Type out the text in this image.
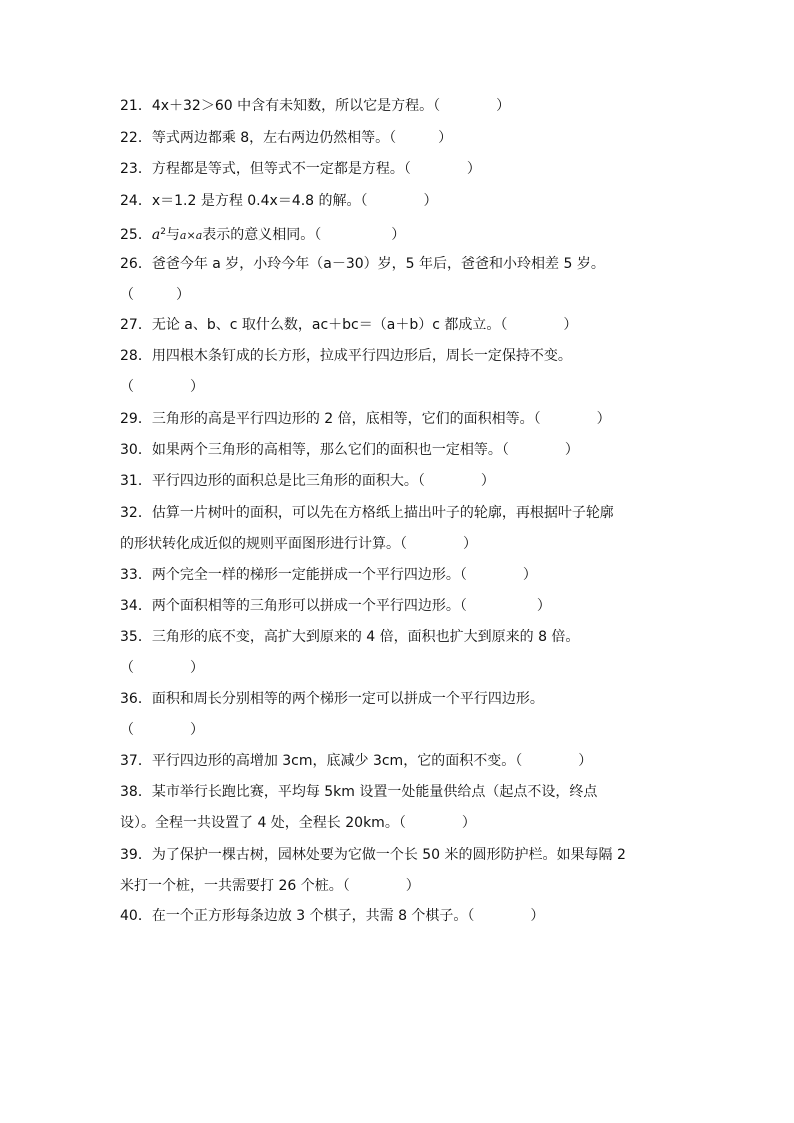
21．4x＋32＞60 中含有未知数，所以它是方程。（　　　　）
22．等式两边都乘 8，左右两边仍然相等。（　　　）
23．方程都是等式，但等式不一定都是方程。（　　　　）
24．x＝1.2 是方程 0.4x＝4.8 的解。（　　　　）
25．$a^2$与a×a表示的意义相同。（　　　　　）
26．爸爸今年 a 岁，小玲今年（a－30）岁，5 年后，爸爸和小玲相差 5 岁。
（　　　）
27．无论 a、b、c 取什么数，ac＋bc＝（a＋b）c 都成立。（　　　　）
28．用四根木条钉成的长方形，拉成平行四边形后，周长一定保持不变。
（　　　　）
29．三角形的高是平行四边形的 2 倍，底相等，它们的面积相等。（　　　　）
30．如果两个三角形的高相等，那么它们的面积也一定相等。（　　　　）
31．平行四边形的面积总是比三角形的面积大。（　　　　）
32．估算一片树叶的面积，可以先在方格纸上描出叶子的轮廓，再根据叶子轮廓
的形状转化成近似的规则平面图形进行计算。（　　　　）
33．两个完全一样的梯形一定能拼成一个平行四边形。（　　　　）
34．两个面积相等的三角形可以拼成一个平行四边形。（　　　　　）
35．三角形的底不变，高扩大到原来的 4 倍，面积也扩大到原来的 8 倍。
（　　　　）
36．面积和周长分别相等的两个梯形一定可以拼成一个平行四边形。
（　　　　）
37．平行四边形的高增加 3cm，底减少 3cm，它的面积不变。（　　　　）
38．某市举行长跑比赛，平均每 5km 设置一处能量供给点（起点不设，终点
设）。全程一共设置了 4 处，全程长 20km。（　　　　）
39．为了保护一棵古树，园林处要为它做一个长 50 米的圆形防护栏。如果每隔 2
米打一个桩，一共需要打 26 个桩。（　　　　）
40．在一个正方形每条边放 3 个棋子，共需 8 个棋子。（　　　　）
